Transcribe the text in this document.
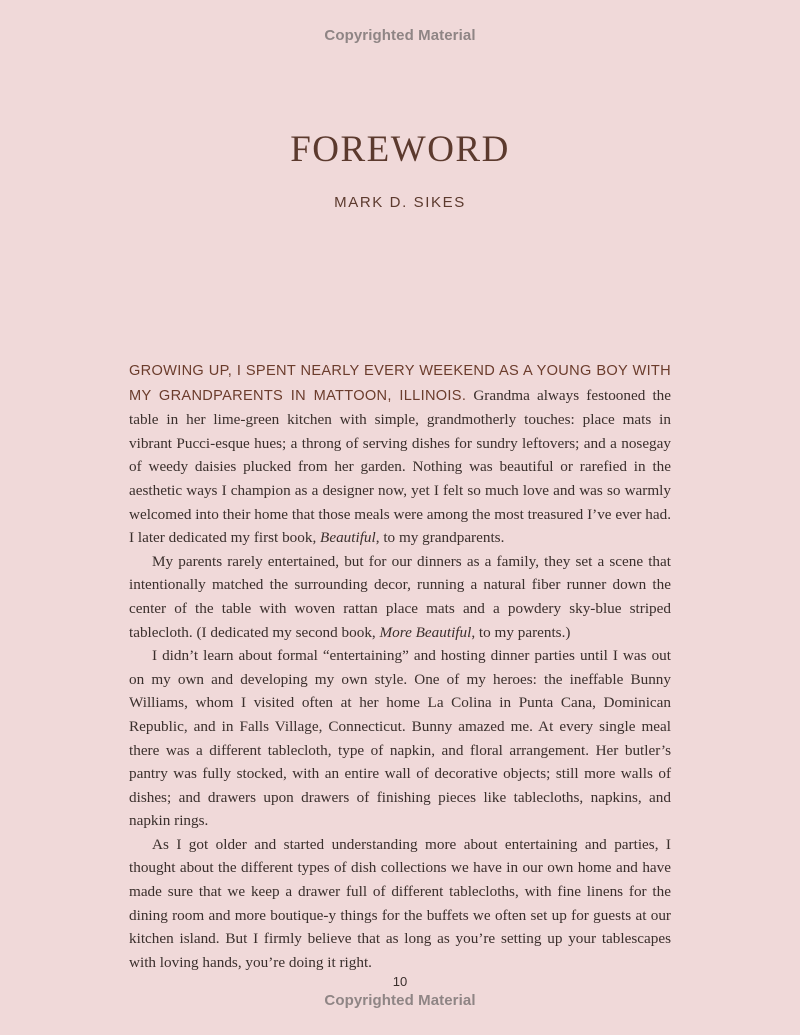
Copyrighted Material
FOREWORD
MARK D. SIKES

GROWING UP, I SPENT NEARLY EVERY WEEKEND AS A YOUNG BOY WITH MY GRANDPARENTS IN MATTOON, ILLINOIS. Grandma always festooned the table in her lime-green kitchen with simple, grandmotherly touches: place mats in vibrant Pucci-esque hues; a throng of serving dishes for sundry leftovers; and a nosegay of weedy daisies plucked from her garden. Nothing was beautiful or rarefied in the aesthetic ways I champion as a designer now, yet I felt so much love and was so warmly welcomed into their home that those meals were among the most treasured I’ve ever had. I later dedicated my first book, Beautiful, to my grandparents.

My parents rarely entertained, but for our dinners as a family, they set a scene that intentionally matched the surrounding decor, running a natural fiber runner down the center of the table with woven rattan place mats and a powdery sky-blue striped tablecloth. (I dedicated my second book, More Beautiful, to my parents.)

I didn’t learn about formal “entertaining” and hosting dinner parties until I was out on my own and developing my own style. One of my heroes: the ineffable Bunny Williams, whom I visited often at her home La Colina in Punta Cana, Dominican Republic, and in Falls Village, Connecticut. Bunny amazed me. At every single meal there was a different tablecloth, type of napkin, and floral arrangement. Her butler’s pantry was fully stocked, with an entire wall of decorative objects; still more walls of dishes; and drawers upon drawers of finishing pieces like tablecloths, napkins, and napkin rings.

As I got older and started understanding more about entertaining and parties, I thought about the different types of dish collections we have in our own home and have made sure that we keep a drawer full of different tablecloths, with fine linens for the dining room and more boutique-y things for the buffets we often set up for guests at our kitchen island. But I firmly believe that as long as you’re setting up your tablescapes with loving hands, you’re doing it right.

10
Copyrighted Material
